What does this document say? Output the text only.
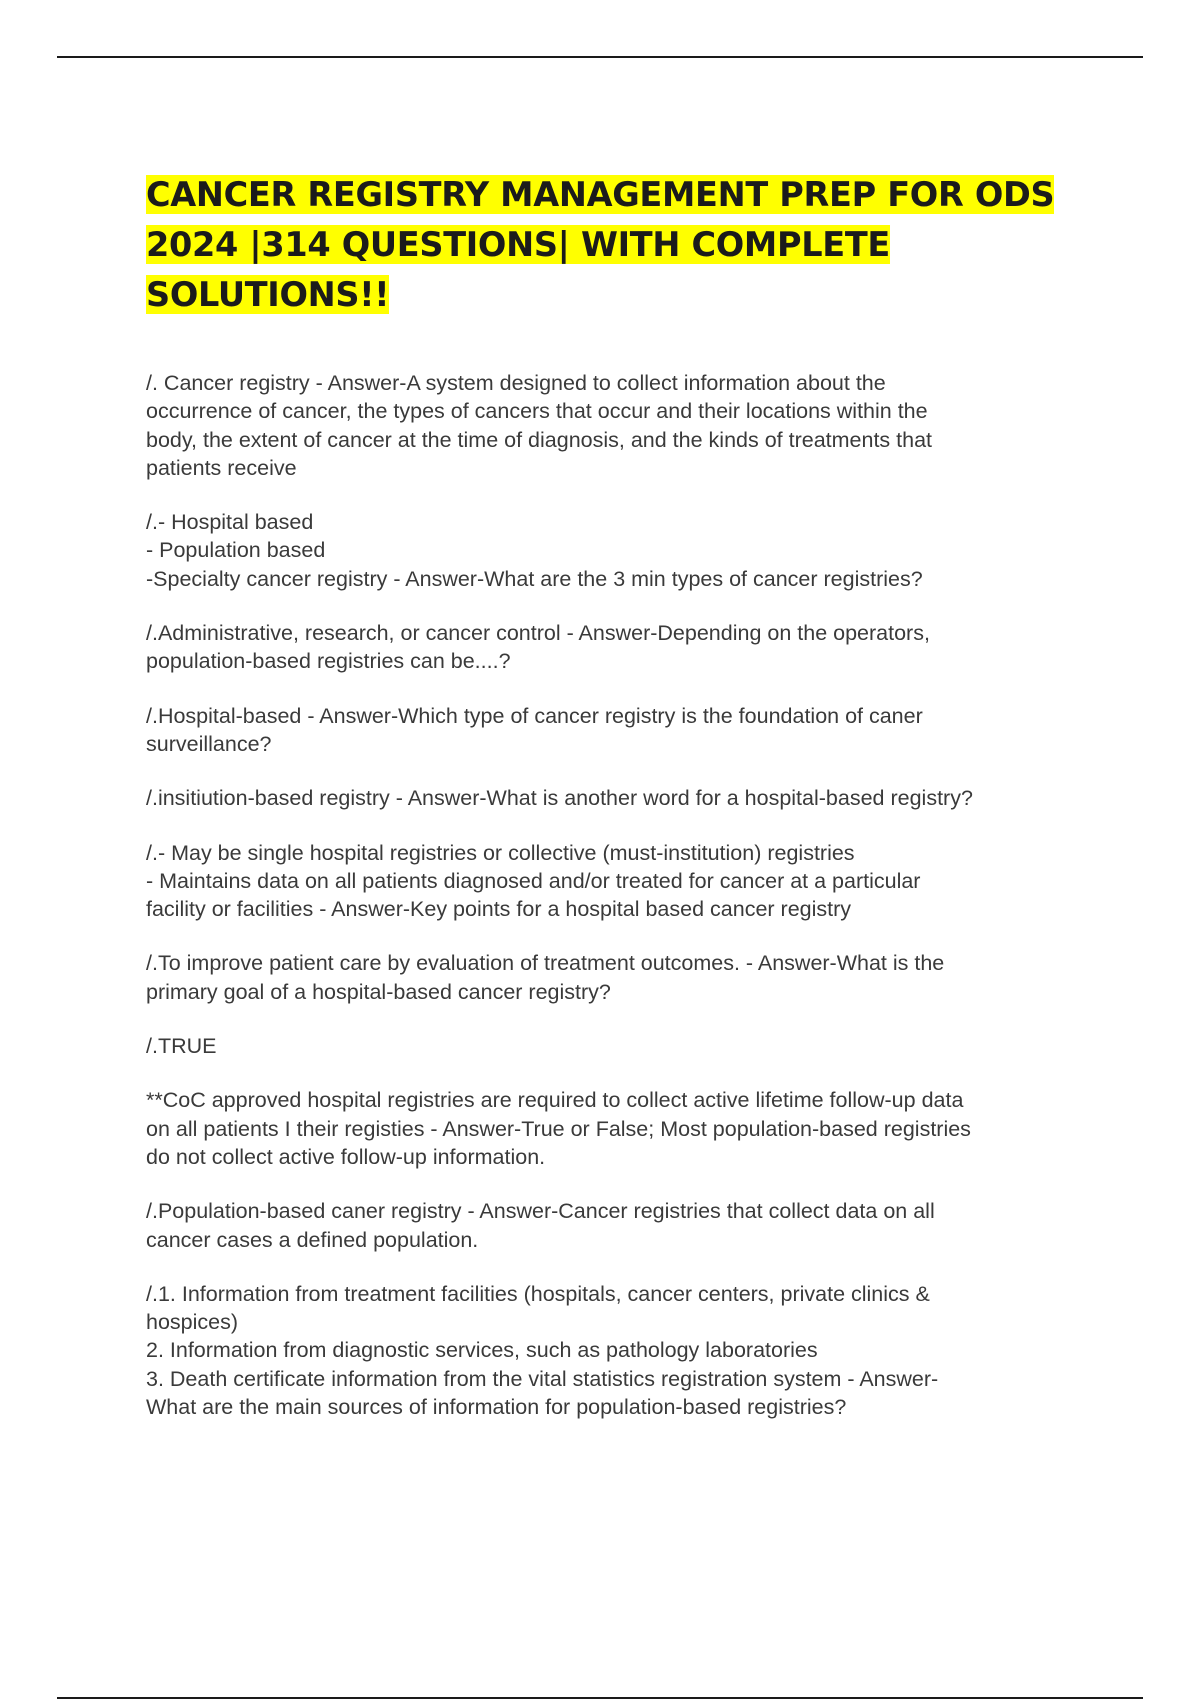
CANCER REGISTRY MANAGEMENT PREP FOR ODS
2024 |314 QUESTIONS| WITH COMPLETE
SOLUTIONS!!
/. Cancer registry - Answer-A system designed to collect information about the
occurrence of cancer, the types of cancers that occur and their locations within the
body, the extent of cancer at the time of diagnosis, and the kinds of treatments that
patients receive
/.- Hospital based
- Population based
-Specialty cancer registry - Answer-What are the 3 min types of cancer registries?
/.Administrative, research, or cancer control - Answer-Depending on the operators,
population-based registries can be....?
/.Hospital-based - Answer-Which type of cancer registry is the foundation of caner
surveillance?
/.insitiution-based registry - Answer-What is another word for a hospital-based registry?
/.- May be single hospital registries or collective (must-institution) registries
- Maintains data on all patients diagnosed and/or treated for cancer at a particular
facility or facilities - Answer-Key points for a hospital based cancer registry
/.To improve patient care by evaluation of treatment outcomes. - Answer-What is the
primary goal of a hospital-based cancer registry?
/.TRUE
**CoC approved hospital registries are required to collect active lifetime follow-up data
on all patients I their registies - Answer-True or False; Most population-based registries
do not collect active follow-up information.
/.Population-based caner registry - Answer-Cancer registries that collect data on all
cancer cases a defined population.
/.1. Information from treatment facilities (hospitals, cancer centers, private clinics &
hospices)
2. Information from diagnostic services, such as pathology laboratories
3. Death certificate information from the vital statistics registration system - Answer-
What are the main sources of information for population-based registries?
